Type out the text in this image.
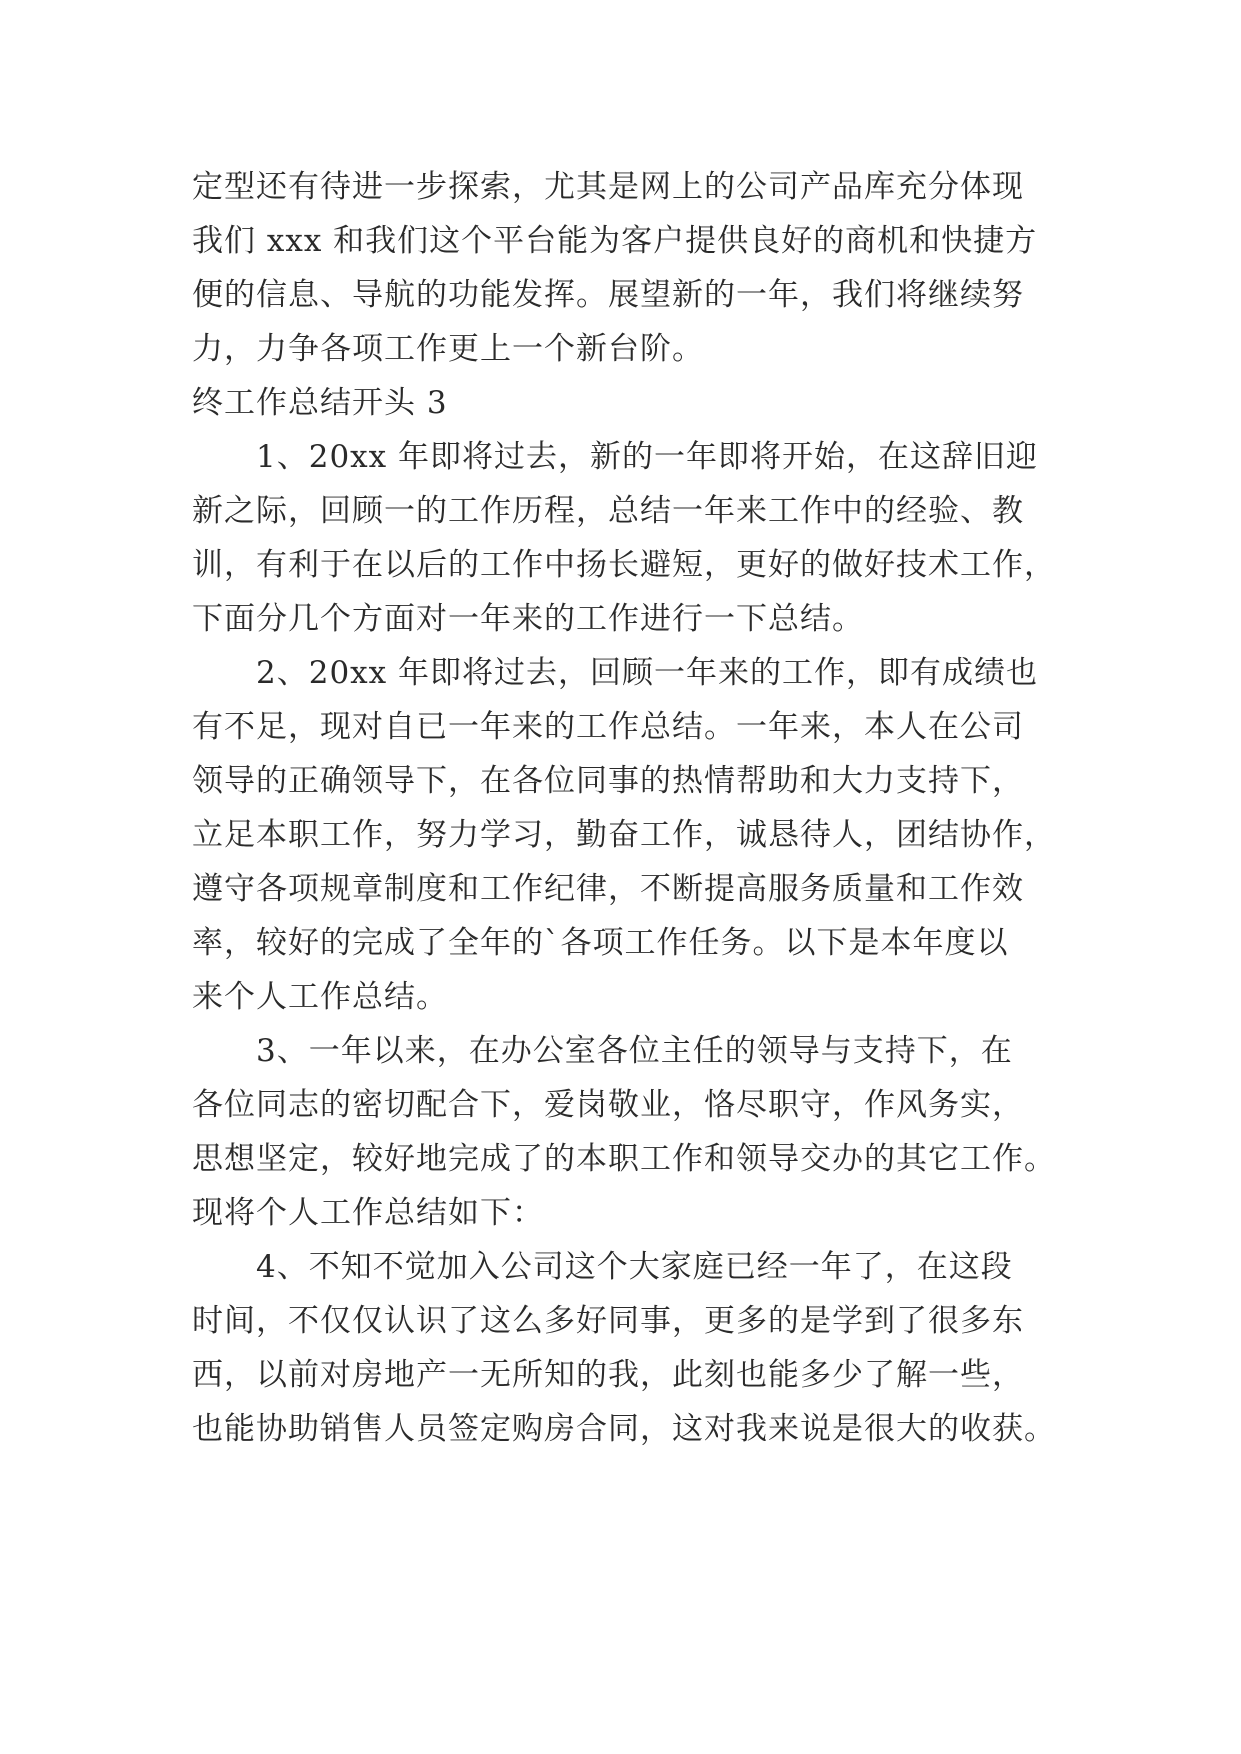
定型还有待进一步探索，尤其是网上的公司产品库充分体现
我们 xxx 和我们这个平台能为客户提供良好的商机和快捷方
便的信息、导航的功能发挥。展望新的一年，我们将继续努
力，力争各项工作更上一个新台阶。
终工作总结开头 3
1、20xx 年即将过去，新的一年即将开始，在这辞旧迎
新之际，回顾一的工作历程，总结一年来工作中的经验、教
训，有利于在以后的工作中扬长避短，更好的做好技术工作，
下面分几个方面对一年来的工作进行一下总结。
2、20xx 年即将过去，回顾一年来的工作，即有成绩也
有不足，现对自已一年来的工作总结。一年来，本人在公司
领导的正确领导下，在各位同事的热情帮助和大力支持下，
立足本职工作，努力学习，勤奋工作，诚恳待人，团结协作，
遵守各项规章制度和工作纪律，不断提高服务质量和工作效
率，较好的完成了全年的`各项工作任务。以下是本年度以
来个人工作总结。
3、一年以来，在办公室各位主任的领导与支持下，在
各位同志的密切配合下，爱岗敬业，恪尽职守，作风务实，
思想坚定，较好地完成了的本职工作和领导交办的其它工作。
现将个人工作总结如下：
4、不知不觉加入公司这个大家庭已经一年了，在这段
时间，不仅仅认识了这么多好同事，更多的是学到了很多东
西，以前对房地产一无所知的我，此刻也能多少了解一些，
也能协助销售人员签定购房合同，这对我来说是很大的收获。
